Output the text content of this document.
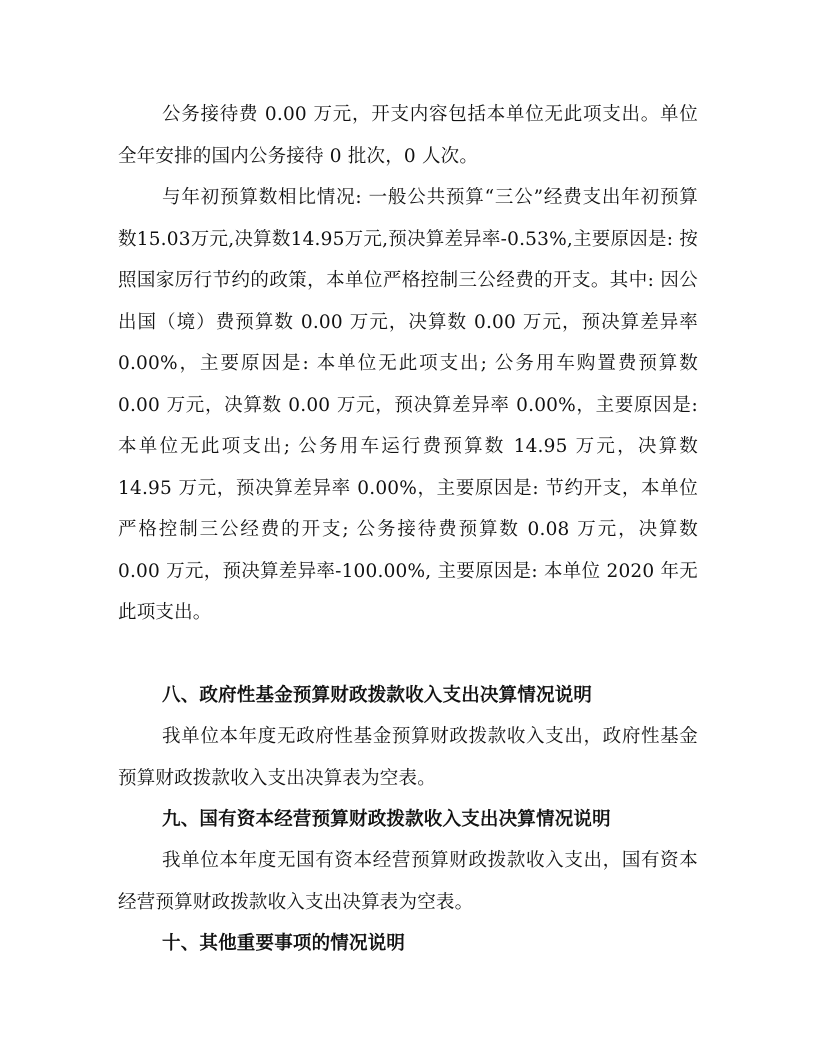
公务接待费 0.00 万元，开支内容包括本单位无此项支出。单位全年安排的国内公务接待 0 批次，0 人次。

与年初预算数相比情况: 一般公共预算“三公”经费支出年初预算数15.03万元,决算数14.95万元,预决算差异率-0.53%,主要原因是: 按照国家厉行节约的政策，本单位严格控制三公经费的开支。其中: 因公出国（境）费预算数 0.00 万元，决算数 0.00 万元，预决算差异率 0.00%，主要原因是: 本单位无此项支出; 公务用车购置费预算数 0.00 万元，决算数 0.00 万元，预决算差异率 0.00%，主要原因是: 本单位无此项支出; 公务用车运行费预算数 14.95 万元，决算数 14.95 万元，预决算差异率 0.00%，主要原因是: 节约开支，本单位严格控制三公经费的开支; 公务接待费预算数 0.08 万元，决算数 0.00 万元，预决算差异率-100.00%, 主要原因是: 本单位 2020 年无此项支出。

八、政府性基金预算财政拨款收入支出决算情况说明

我单位本年度无政府性基金预算财政拨款收入支出，政府性基金预算财政拨款收入支出决算表为空表。

九、国有资本经营预算财政拨款收入支出决算情况说明

我单位本年度无国有资本经营预算财政拨款收入支出，国有资本经营预算财政拨款收入支出决算表为空表。

十、其他重要事项的情况说明
